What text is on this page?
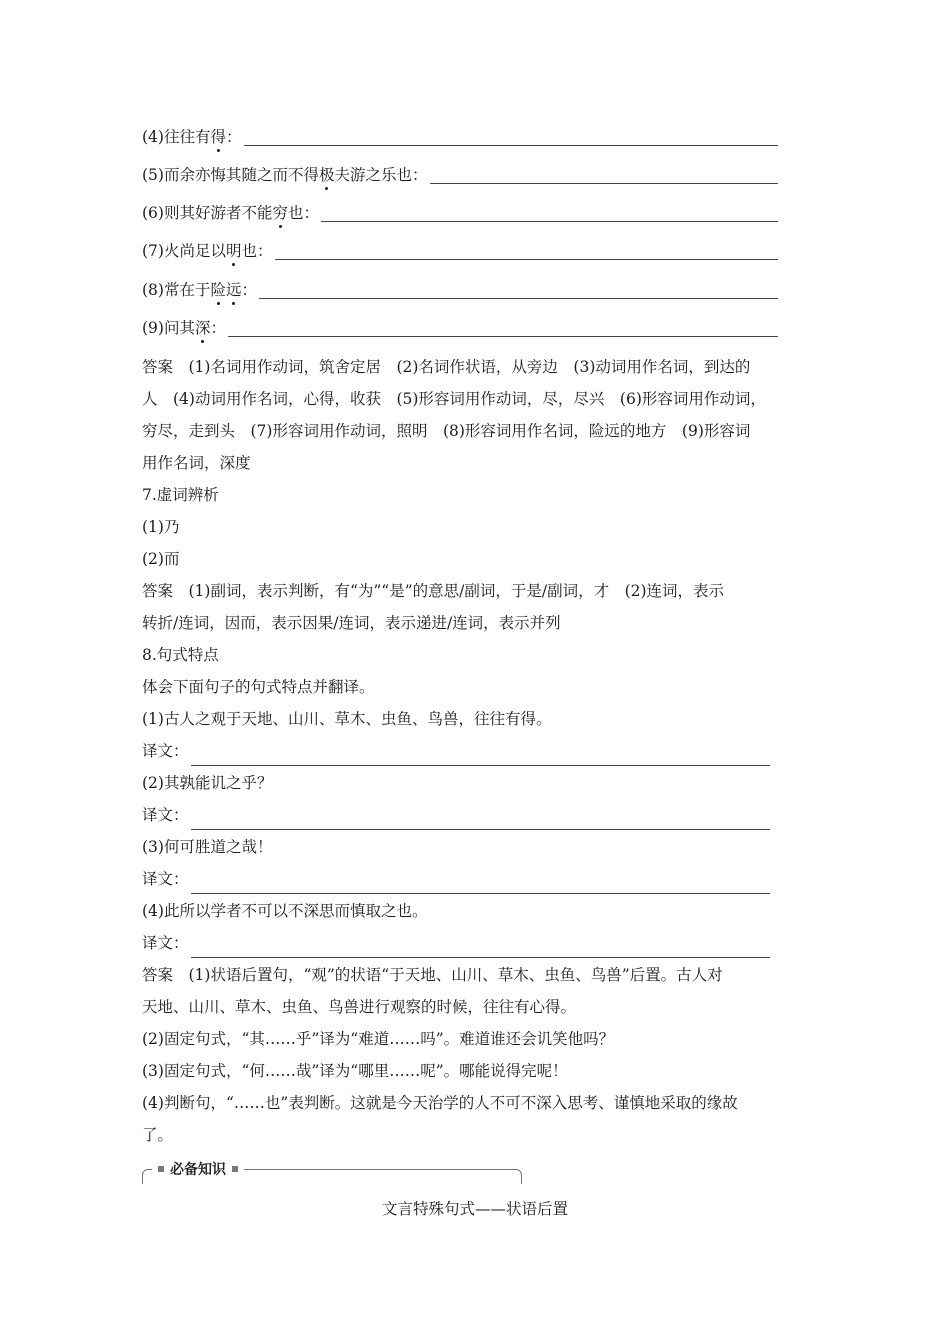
(4)往往有 得 ：
(5)而余亦悔其随之而不得 极 夫游之乐也：
(6)则其好游者不能 穷 也：
(7)火尚足以 明 也：
(8)常在于 险 远 ：
(9)问其 深 ：

答案　(1)名词用作动词，筑舍定居　(2)名词作状语，从旁边　(3)动词用作名词，到达的

人　(4)动词用作名词，心得，收获　(5)形容词用作动词，尽，尽兴　(6)形容词用作动词，

穷尽，走到头　(7)形容词用作动词，照明　(8)形容词用作名词，险远的地方　(9)形容词

用作名词，深度

7.虚词辨析

(1)乃

(2)而

答案　(1)副词，表示判断，有“为”“是”的意思/副词，于是/副词，才　(2)连词，表示

转折/连词，因而，表示因果/连词，表示递进/连词，表示并列

8.句式特点

体会下面句子的句式特点并翻译。

(1)古人之观于天地、山川、草木、虫鱼、鸟兽，往往有得。

译文：

(2)其孰能讥之乎？

译文：

(3)何可胜道之哉！

译文：

(4)此所以学者不可以不深思而慎取之也。

译文：

答案　(1)状语后置句，“观”的状语“于天地、山川、草木、虫鱼、鸟兽”后置。古人对

天地、山川、草木、虫鱼、鸟兽进行观察的时候，往往有心得。

(2)固定句式，“其……乎”译为“难道……吗”。难道谁还会讥笑他吗？

(3)固定句式，“何……哉”译为“哪里……呢”。哪能说得完呢！

(4)判断句，“……也”表判断。这就是今天治学的人不可不深入思考、谨慎地采取的缘故

了。

必备知识
文言特殊句式——状语后置
